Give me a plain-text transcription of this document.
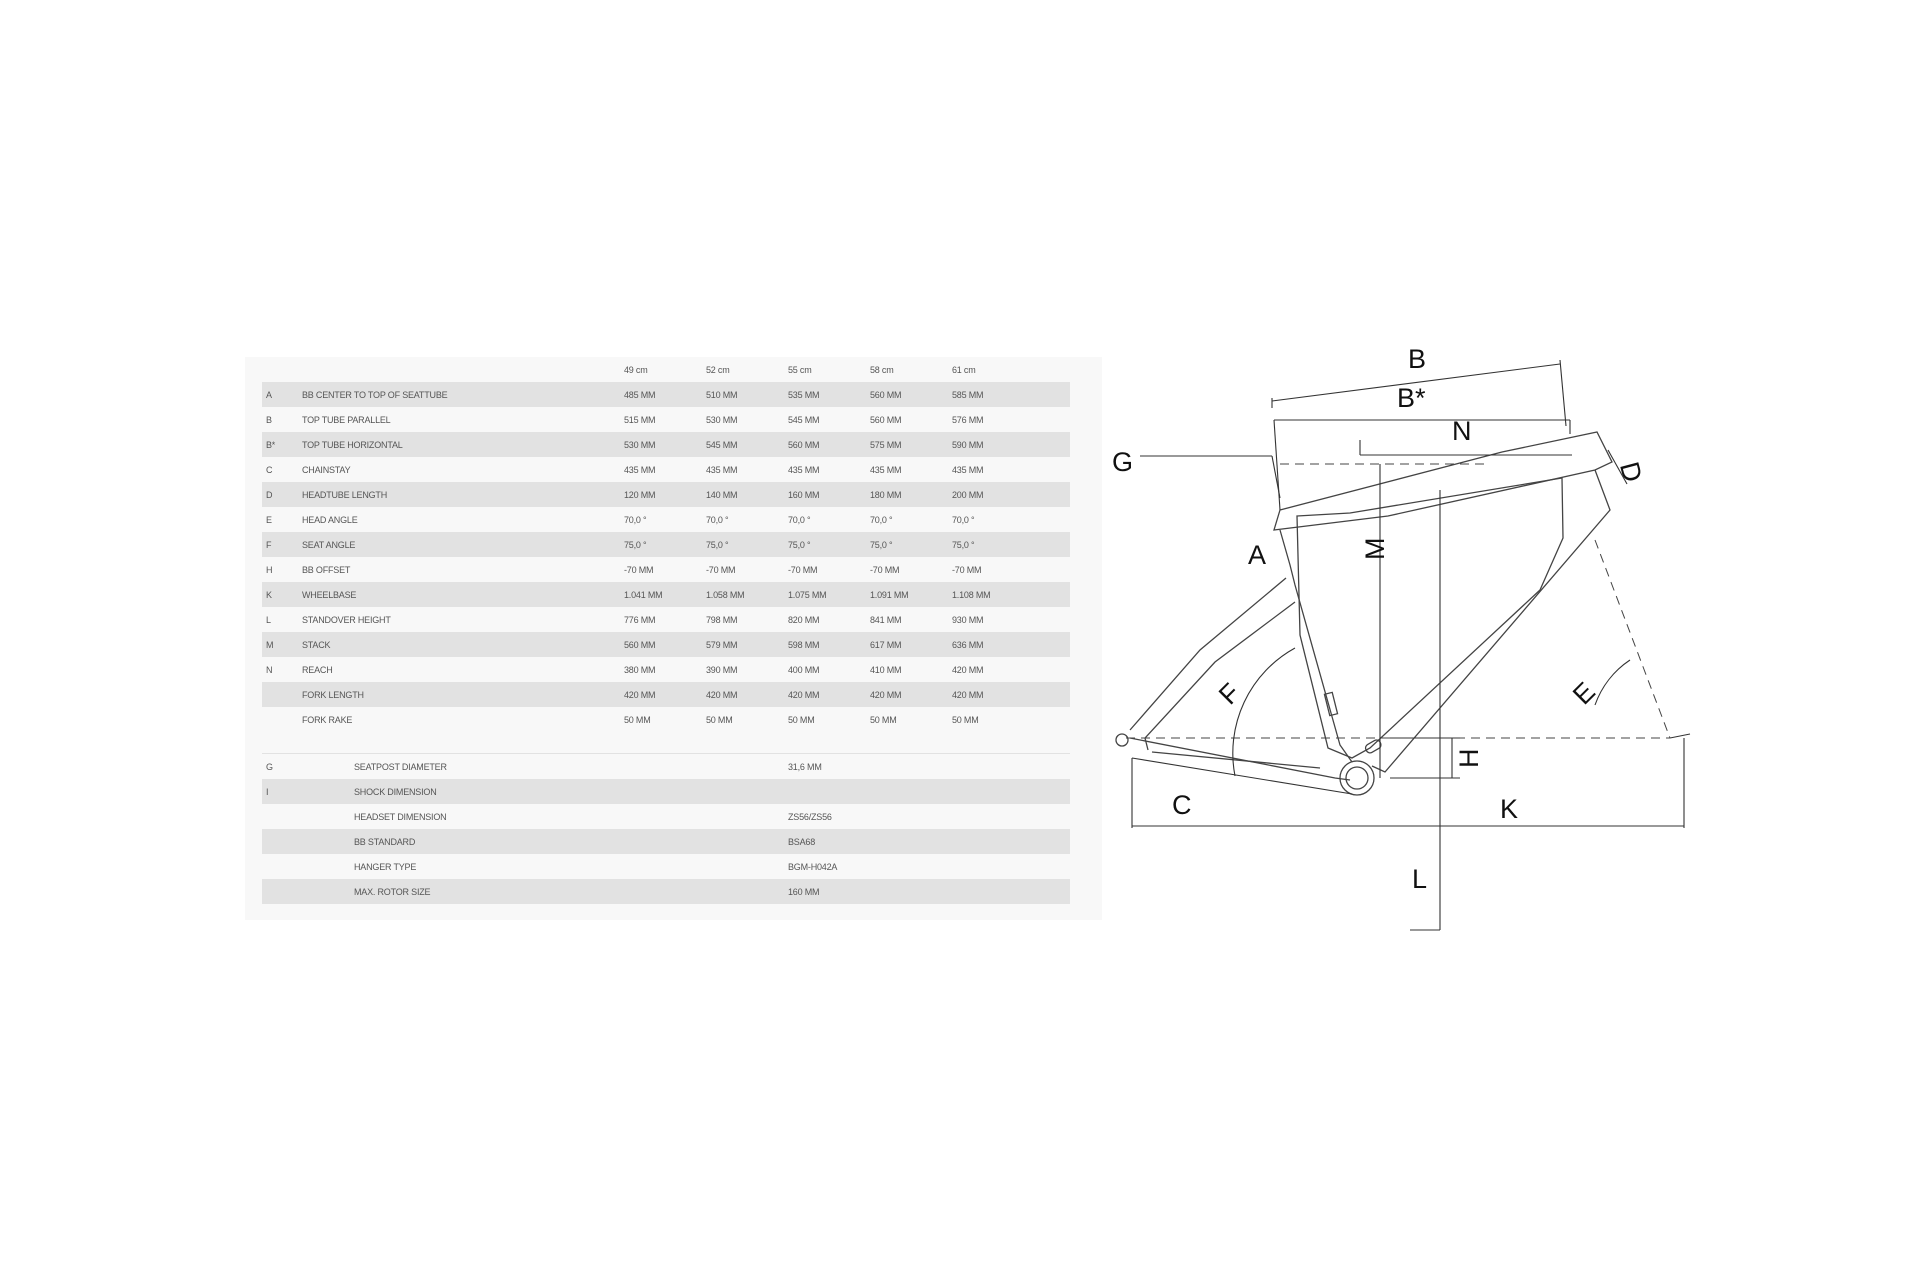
		49 cm	52 cm	55 cm	58 cm	61 cm
A	BB CENTER TO TOP OF SEATTUBE	485 MM	510 MM	535 MM	560 MM	585 MM
B	TOP TUBE PARALLEL	515 MM	530 MM	545 MM	560 MM	576 MM
B*	TOP TUBE HORIZONTAL	530 MM	545 MM	560 MM	575 MM	590 MM
C	CHAINSTAY	435 MM	435 MM	435 MM	435 MM	435 MM
D	HEADTUBE LENGTH	120 MM	140 MM	160 MM	180 MM	200 MM
E	HEAD ANGLE	70,0 °	70,0 °	70,0 °	70,0 °	70,0 °
F	SEAT ANGLE	75,0 °	75,0 °	75,0 °	75,0 °	75,0 °
H	BB OFFSET	-70 MM	-70 MM	-70 MM	-70 MM	-70 MM
K	WHEELBASE	1.041 MM	1.058 MM	1.075 MM	1.091 MM	1.108 MM
L	STANDOVER HEIGHT	776 MM	798 MM	820 MM	841 MM	930 MM
M	STACK	560 MM	579 MM	598 MM	617 MM	636 MM
N	REACH	380 MM	390 MM	400 MM	410 MM	420 MM
	FORK LENGTH	420 MM	420 MM	420 MM	420 MM	420 MM
	FORK RAKE	50 MM	50 MM	50 MM	50 MM	50 MM

G	SEATPOST DIAMETER			31,6 MM		
I	SHOCK DIMENSION					
	HEADSET DIMENSION			ZS56/ZS56		
	BB STANDARD			BSA68		
	HANGER TYPE			BGM-H042A		
	MAX. ROTOR SIZE			160 MM		
B
B*
N
D
G
A	M
F	E
H
C	K
L
